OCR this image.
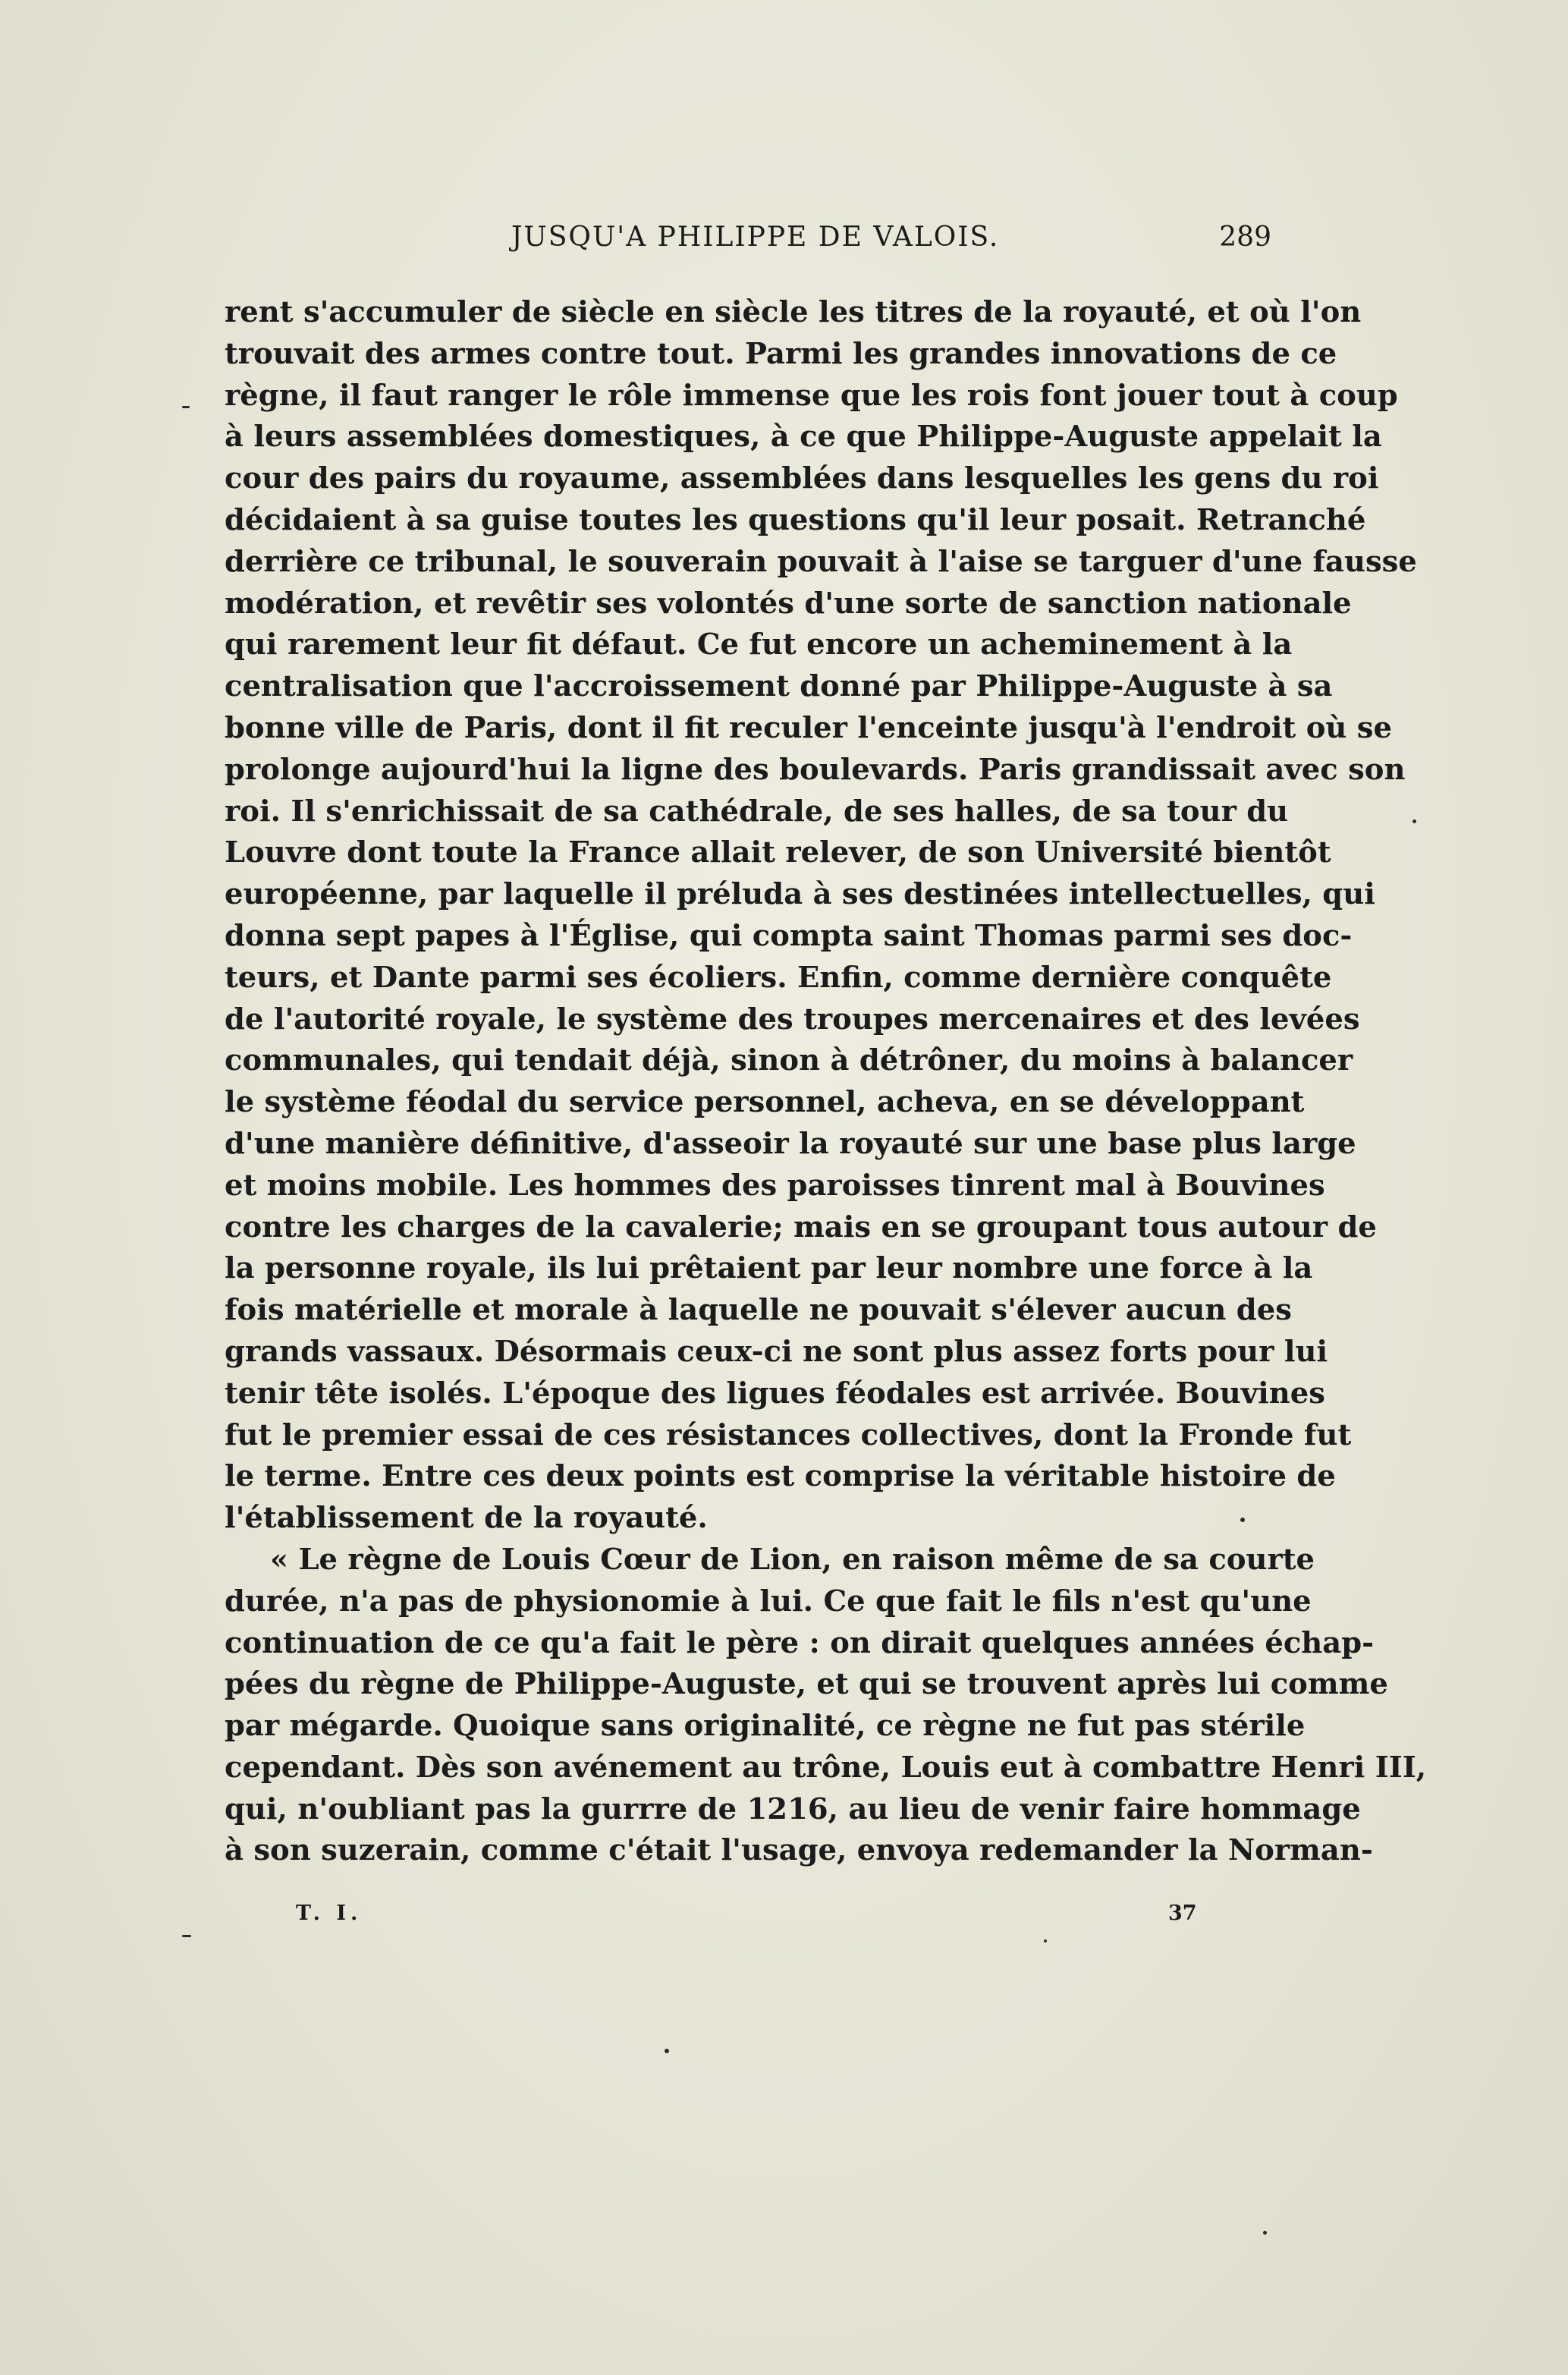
JUSQU'A PHILIPPE DE VALOIS.	289
rent s'accumuler de siècle en siècle les titres de la royauté, et où l'on
trouvait des armes contre tout. Parmi les grandes innovations de ce
règne, il faut ranger le rôle immense que les rois font jouer tout à coup
à leurs assemblées domestiques, à ce que Philippe-Auguste appelait la
cour des pairs du royaume, assemblées dans lesquelles les gens du roi
décidaient à sa guise toutes les questions qu'il leur posait. Retranché
derrière ce tribunal, le souverain pouvait à l'aise se targuer d'une fausse
modération, et revêtir ses volontés d'une sorte de sanction nationale
qui rarement leur fit défaut. Ce fut encore un acheminement à la
centralisation que l'accroissement donné par Philippe-Auguste à sa
bonne ville de Paris, dont il fit reculer l'enceinte jusqu'à l'endroit où se
prolonge aujourd'hui la ligne des boulevards. Paris grandissait avec son
roi. Il s'enrichissait de sa cathédrale, de ses halles, de sa tour du
Louvre dont toute la France allait relever, de son Université bientôt
européenne, par laquelle il préluda à ses destinées intellectuelles, qui
donna sept papes à l'Église, qui compta saint Thomas parmi ses doc-
teurs, et Dante parmi ses écoliers. Enfin, comme dernière conquête
de l'autorité royale, le système des troupes mercenaires et des levées
communales, qui tendait déjà, sinon à détrôner, du moins à balancer
le système féodal du service personnel, acheva, en se développant
d'une manière définitive, d'asseoir la royauté sur une base plus large
et moins mobile. Les hommes des paroisses tinrent mal à Bouvines
contre les charges de la cavalerie; mais en se groupant tous autour de
la personne royale, ils lui prêtaient par leur nombre une force à la
fois matérielle et morale à laquelle ne pouvait s'élever aucun des
grands vassaux. Désormais ceux-ci ne sont plus assez forts pour lui
tenir tête isolés. L'époque des ligues féodales est arrivée. Bouvines
fut le premier essai de ces résistances collectives, dont la Fronde fut
le terme. Entre ces deux points est comprise la véritable histoire de
l'établissement de la royauté.
« Le règne de Louis Cœur de Lion, en raison même de sa courte
durée, n'a pas de physionomie à lui. Ce que fait le fils n'est qu'une
continuation de ce qu'a fait le père : on dirait quelques années échap-
pées du règne de Philippe-Auguste, et qui se trouvent après lui comme
par mégarde. Quoique sans originalité, ce règne ne fut pas stérile
cependant. Dès son avénement au trône, Louis eut à combattre Henri III,
qui, n'oubliant pas la gurrre de 1216, au lieu de venir faire hommage
à son suzerain, comme c'était l'usage, envoya redemander la Norman-
T. I.	37
